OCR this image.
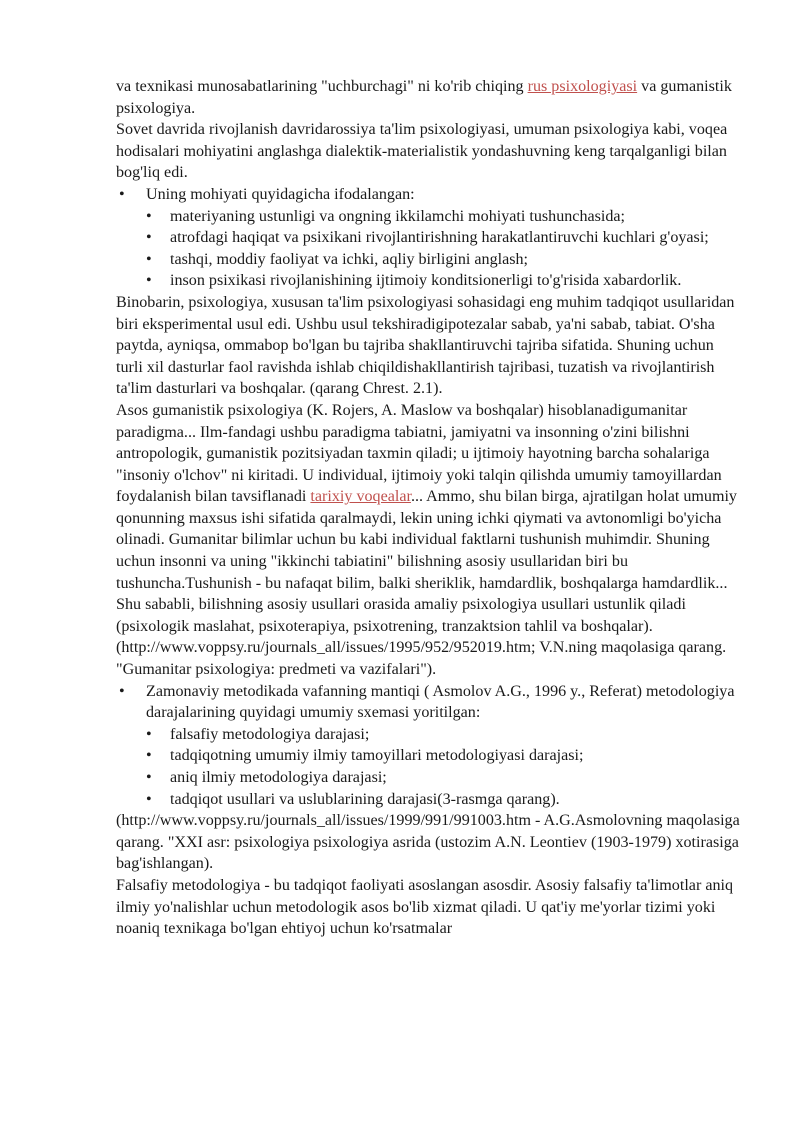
va texnikasi munosabatlarining "uchburchagi" ni ko'rib chiqing rus psixologiyasi va gumanistik psixologiya.

Sovet davrida rivojlanish davridarossiya ta'lim psixologiyasi, umuman psixologiya kabi, voqea hodisalari mohiyatini anglashga dialektik-materialistik yondashuvning keng tarqalganligi bilan bog'liq edi.

• Uning mohiyati quyidagicha ifodalangan:
• materiyaning ustunligi va ongning ikkilamchi mohiyati tushunchasida;
• atrofdagi haqiqat va psixikani rivojlantirishning harakatlantiruvchi kuchlari g'oyasi;
• tashqi, moddiy faoliyat va ichki, aqliy birligini anglash;
• inson psixikasi rivojlanishining ijtimoiy konditsionerligi to'g'risida xabardorlik.

Binobarin, psixologiya, xususan ta'lim psixologiyasi sohasidagi eng muhim tadqiqot usullaridan biri eksperimental usul edi. Ushbu usul tekshiradigipotezalar sabab, ya'ni sabab, tabiat. O'sha paytda, ayniqsa, ommabop bo'lgan bu tajriba shakllantiruvchi tajriba sifatida. Shuning uchun turli xil dasturlar faol ravishda ishlab chiqildishakllantirish tajribasi, tuzatish va rivojlantirish ta'lim dasturlari va boshqalar. (qarang Chrest. 2.1).

Asos gumanistik psixologiya (K. Rojers, A. Maslow va boshqalar) hisoblanadigumanitar paradigma... Ilm-fandagi ushbu paradigma tabiatni, jamiyatni va insonning o'zini bilishni antropologik, gumanistik pozitsiyadan taxmin qiladi; u ijtimoiy hayotning barcha sohalariga "insoniy o'lchov" ni kiritadi. U individual, ijtimoiy yoki talqin qilishda umumiy tamoyillardan foydalanish bilan tavsiflanadi tarixiy voqealar... Ammo, shu bilan birga, ajratilgan holat umumiy qonunning maxsus ishi sifatida qaralmaydi, lekin uning ichki qiymati va avtonomligi bo'yicha olinadi. Gumanitar bilimlar uchun bu kabi individual faktlarni tushunish muhimdir. Shuning uchun insonni va uning "ikkinchi tabiatini" bilishning asosiy usullaridan biri bu tushuncha.Tushunish - bu nafaqat bilim, balki sheriklik, hamdardlik, boshqalarga hamdardlik... Shu sababli, bilishning asosiy usullari orasida amaliy psixologiya usullari ustunlik qiladi (psixologik maslahat, psixoterapiya, psixotrening, tranzaktsion tahlil va boshqalar). (http://www.voppsy.ru/journals_all/issues/1995/952/952019.htm; V.N.ning maqolasiga qarang. "Gumanitar psixologiya: predmeti va vazifalari").

• Zamonaviy metodikada vafanning mantiqi ( Asmolov A.G., 1996 y., Referat) metodologiya darajalarining quyidagi umumiy sxemasi yoritilgan:
• falsafiy metodologiya darajasi;
• tadqiqotning umumiy ilmiy tamoyillari metodologiyasi darajasi;
• aniq ilmiy metodologiya darajasi;
• tadqiqot usullari va uslublarining darajasi(3-rasmga qarang).

(http://www.voppsy.ru/journals_all/issues/1999/991/991003.htm - A.G.Asmolovning maqolasiga qarang. "XXI asr: psixologiya psixologiya asrida (ustozim A.N. Leontiev (1903-1979) xotirasiga bag'ishlangan).

Falsafiy metodologiya - bu tadqiqot faoliyati asoslangan asosdir. Asosiy falsafiy ta'limotlar aniq ilmiy yo'nalishlar uchun metodologik asos bo'lib xizmat qiladi. U qat'iy me'yorlar tizimi yoki noaniq texnikaga bo'lgan ehtiyoj uchun ko'rsatmalar
